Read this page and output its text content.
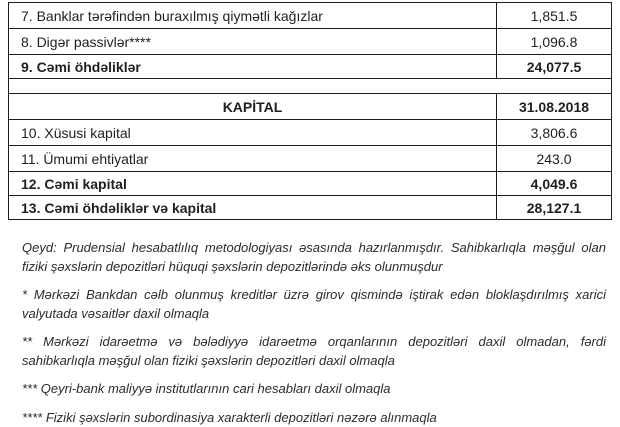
7. Banklar tərəfindən buraxılmış qiymətli kağızlar	1,851.5
8. Digər passivlər****	1,096.8
9. Cəmi öhdəliklər	24,077.5

KAPİTAL	31.08.2018
10. Xüsusi kapital	3,806.6
11. Ümumi ehtiyatlar	243.0
12. Cəmi kapital	4,049.6
13. Cəmi öhdəliklər və kapital	28,127.1

Qeyd: Prudensial hesabatlılıq metodologiyası əsasında hazırlanmışdır. Sahibkarlıqla məşğul olan fiziki şəxslərin depozitləri hüquqi şəxslərin depozitlərində əks olunmuşdur

* Mərkəzi Bankdan cəlb olunmuş kreditlər üzrə girov qismində iştirak edən bloklaşdırılmış xarici valyutada vəsaitlər daxil olmaqla

** Mərkəzi idarəetmə və bələdiyyə idarəetmə orqanlarının depozitləri daxil olmadan, fərdi sahibkarlıqla məşğul olan fiziki şəxslərin depozitləri daxil olmaqla

*** Qeyri-bank maliyyə institutlarının cari hesabları daxil olmaqla

**** Fiziki şəxslərin subordinasiya xarakterli depozitləri nəzərə alınmaqla
